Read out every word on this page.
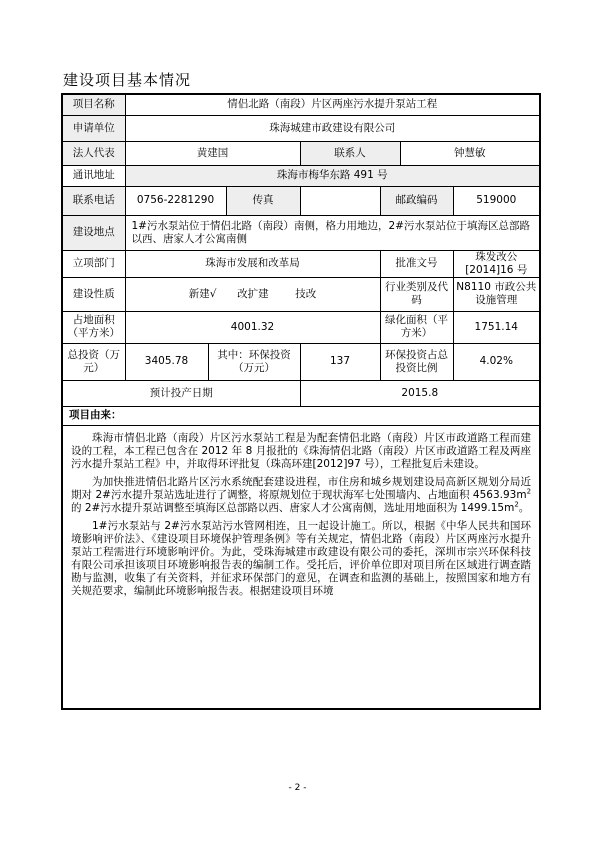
建设项目基本情况
项目名称	情侣北路（南段）片区两座污水提升泵站工程						
申请单位	珠海城建市政建设有限公司						
法人代表	黄建国			联系人		钟慧敏	
通讯地址	珠海市梅华东路 491 号						
联系电话	0756-2281290		传真		邮政编码		519000
建设地点	1#污水泵站位于情侣北路（南段）南侧，格力用地边，2#污水泵站位于填海区总部路以西、唐家人才公寓南侧						
立项部门	珠海市发展和改革局				批准文号		珠发改公[2014]16 号
建设性质	新建√ 改扩建 技改				行业类别及代码		N8110 市政公共设施管理
占地面积（平方米）	4001.32				绿化面积（平方米）		1751.14
总投资（万元）	3405.78	其中：环保投资（万元）		137	环保投资占总投资比例		4.02%
预计投产日期				2015.8			
项目由来：							

珠海市情侣北路（南段）片区污水泵站工程是为配套情侣北路（南段）片区市政道路工程而建设的工程，本工程已包含在 2012 年 8 月报批的《珠海情侣北路（南段）片区市政道路工程及两座污水提升泵站工程》中，并取得环评批复（珠高环建[2012]97 号），工程批复后未建设。

为加快推进情侣北路片区污水系统配套建设进程，市住房和城乡规划建设局高新区规划分局近期对 2#污水提升泵站选址进行了调整，将原规划位于现状海军七处围墙内、占地面积 $4563.93m^2$的 2#污水提升泵站调整至填海区总部路以西、唐家人才公寓南侧，选址用地面积为 $1499.15m^2$。

1#污水泵站与 2#污水泵站污水管网相连，且一起设计施工。所以，根据《中华人民共和国环境影响评价法》、《建设项目环境保护管理条例》等有关规定，情侣北路（南段）片区两座污水提升泵站工程需进行环境影响评价。为此，受珠海城建市政建设有限公司的委托，深圳市宗兴环保科技有限公司承担该项目环境影响报告表的编制工作。受托后，评价单位即对项目所在区域进行调查踏勘与监测，收集了有关资料，并征求环保部门的意见，在调查和监测的基础上，按照国家和地方有关规范要求，编制此环境影响报告表。根据建设项目环境							

- 2 -
